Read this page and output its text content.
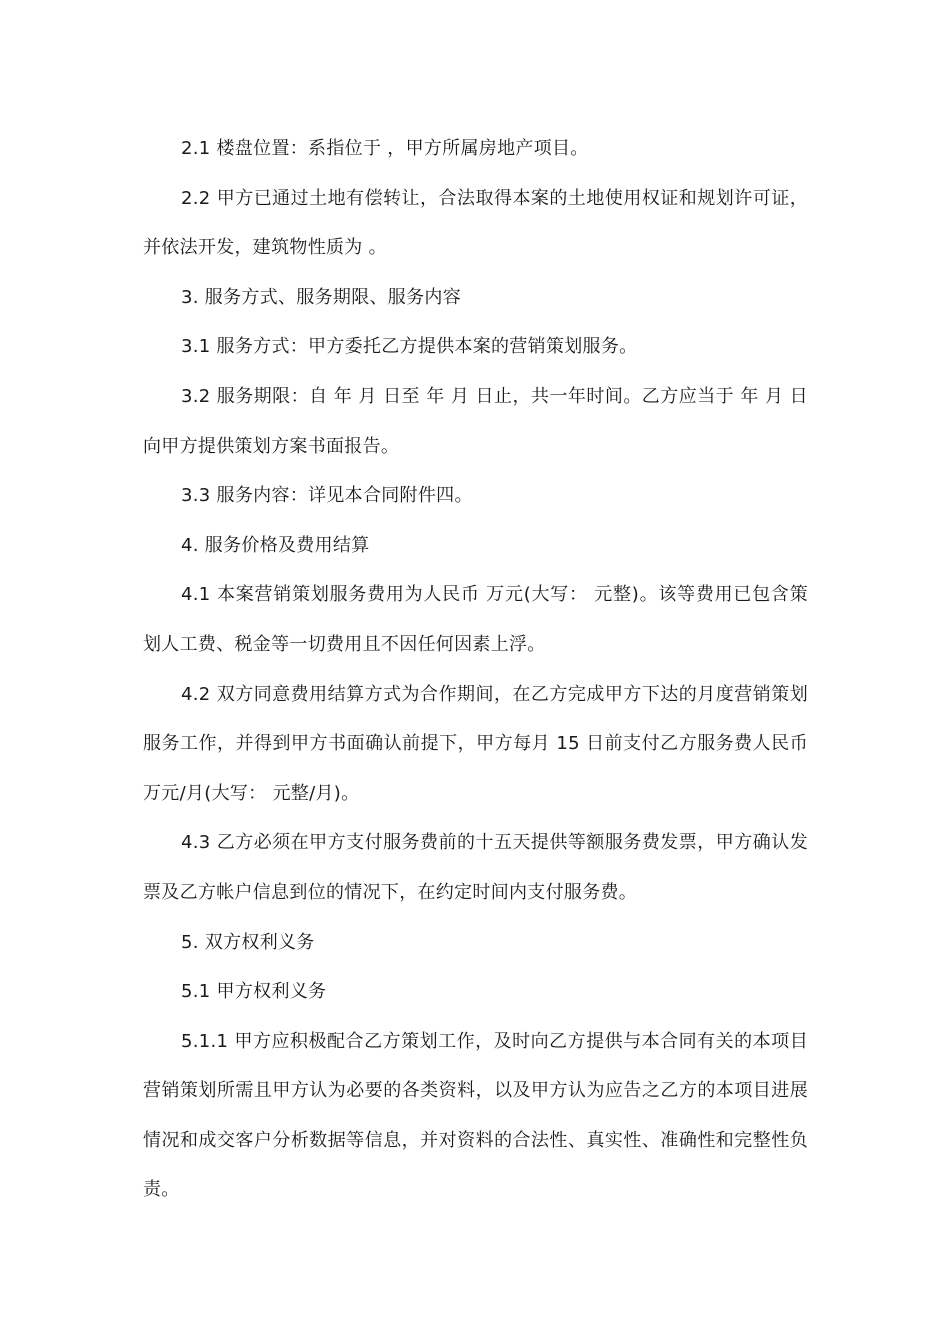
2.1 楼盘位置：系指位于 ，甲方所属房地产项目。

2.2 甲方已通过土地有偿转让，合法取得本案的土地使用权证和规划许可证，并依法开发，建筑物性质为 。

3. 服务方式、服务期限、服务内容

3.1 服务方式：甲方委托乙方提供本案的营销策划服务。

3.2 服务期限：自 年 月 日至 年 月 日止，共一年时间。乙方应当于 年 月 日向甲方提供策划方案书面报告。

3.3 服务内容：详见本合同附件四。

4. 服务价格及费用结算

4.1 本案营销策划服务费用为人民币 万元(大写： 元整)。该等费用已包含策划人工费、税金等一切费用且不因任何因素上浮。

4.2 双方同意费用结算方式为合作期间，在乙方完成甲方下达的月度营销策划服务工作，并得到甲方书面确认前提下，甲方每月 15 日前支付乙方服务费人民币 万元/月(大写： 元整/月)。

4.3 乙方必须在甲方支付服务费前的十五天提供等额服务费发票，甲方确认发票及乙方帐户信息到位的情况下，在约定时间内支付服务费。

5. 双方权利义务

5.1 甲方权利义务

5.1.1 甲方应积极配合乙方策划工作，及时向乙方提供与本合同有关的本项目营销策划所需且甲方认为必要的各类资料，以及甲方认为应告之乙方的本项目进展情况和成交客户分析数据等信息，并对资料的合法性、真实性、准确性和完整性负责。
